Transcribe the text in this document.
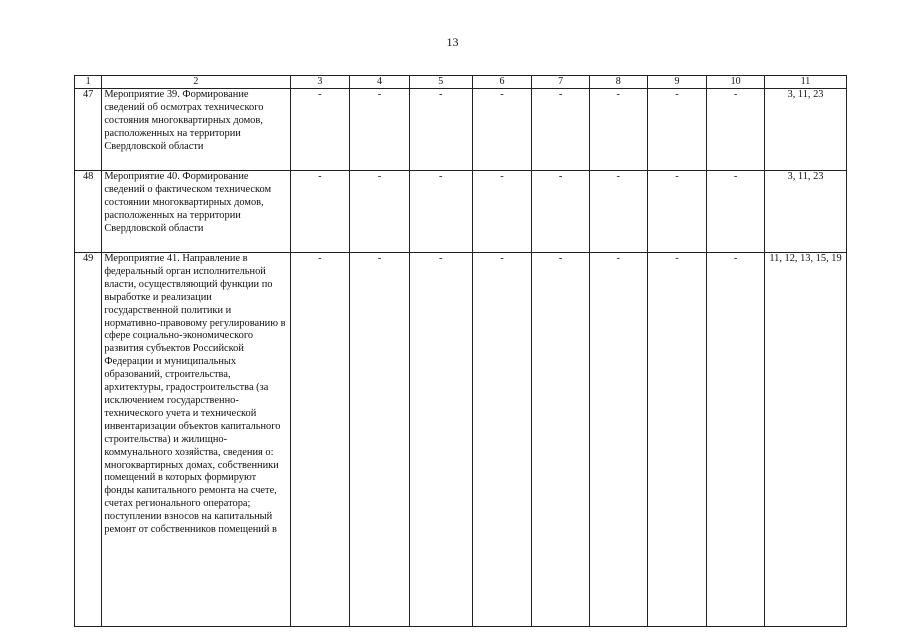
13
1	2	3	4	5	6	7	8	9	10	11
47	Мероприятие 39. Формирование сведений об осмотрах технического состояния многоквартирных домов, расположенных на территории Свердловской области	-	-	-	-	-	-	-	-	3, 11, 23
48	Мероприятие 40. Формирование сведений о фактическом техническом состоянии многоквартирных домов, расположенных на территории Свердловской области	-	-	-	-	-	-	-	-	3, 11, 23
49	Мероприятие 41. Направление в федеральный орган исполнительной власти, осуществляющий функции по выработке и реализации государственной политики и нормативно-правовому регулированию в сфере социально-экономического развития субъектов Российской Федерации и муниципальных образований, строительства, архитектуры, градостроительства (за исключением государственно-технического учета и технической инвентаризации объектов капитального строительства) и жилищно-коммунального хозяйства, сведения о: многоквартирных домах, собственники помещений в которых формируют фонды капитального ремонта на счете, счетах регионального оператора; поступлении взносов на капитальный ремонт от собственников помещений в	-	-	-	-	-	-	-	-	11, 12, 13, 15, 19
